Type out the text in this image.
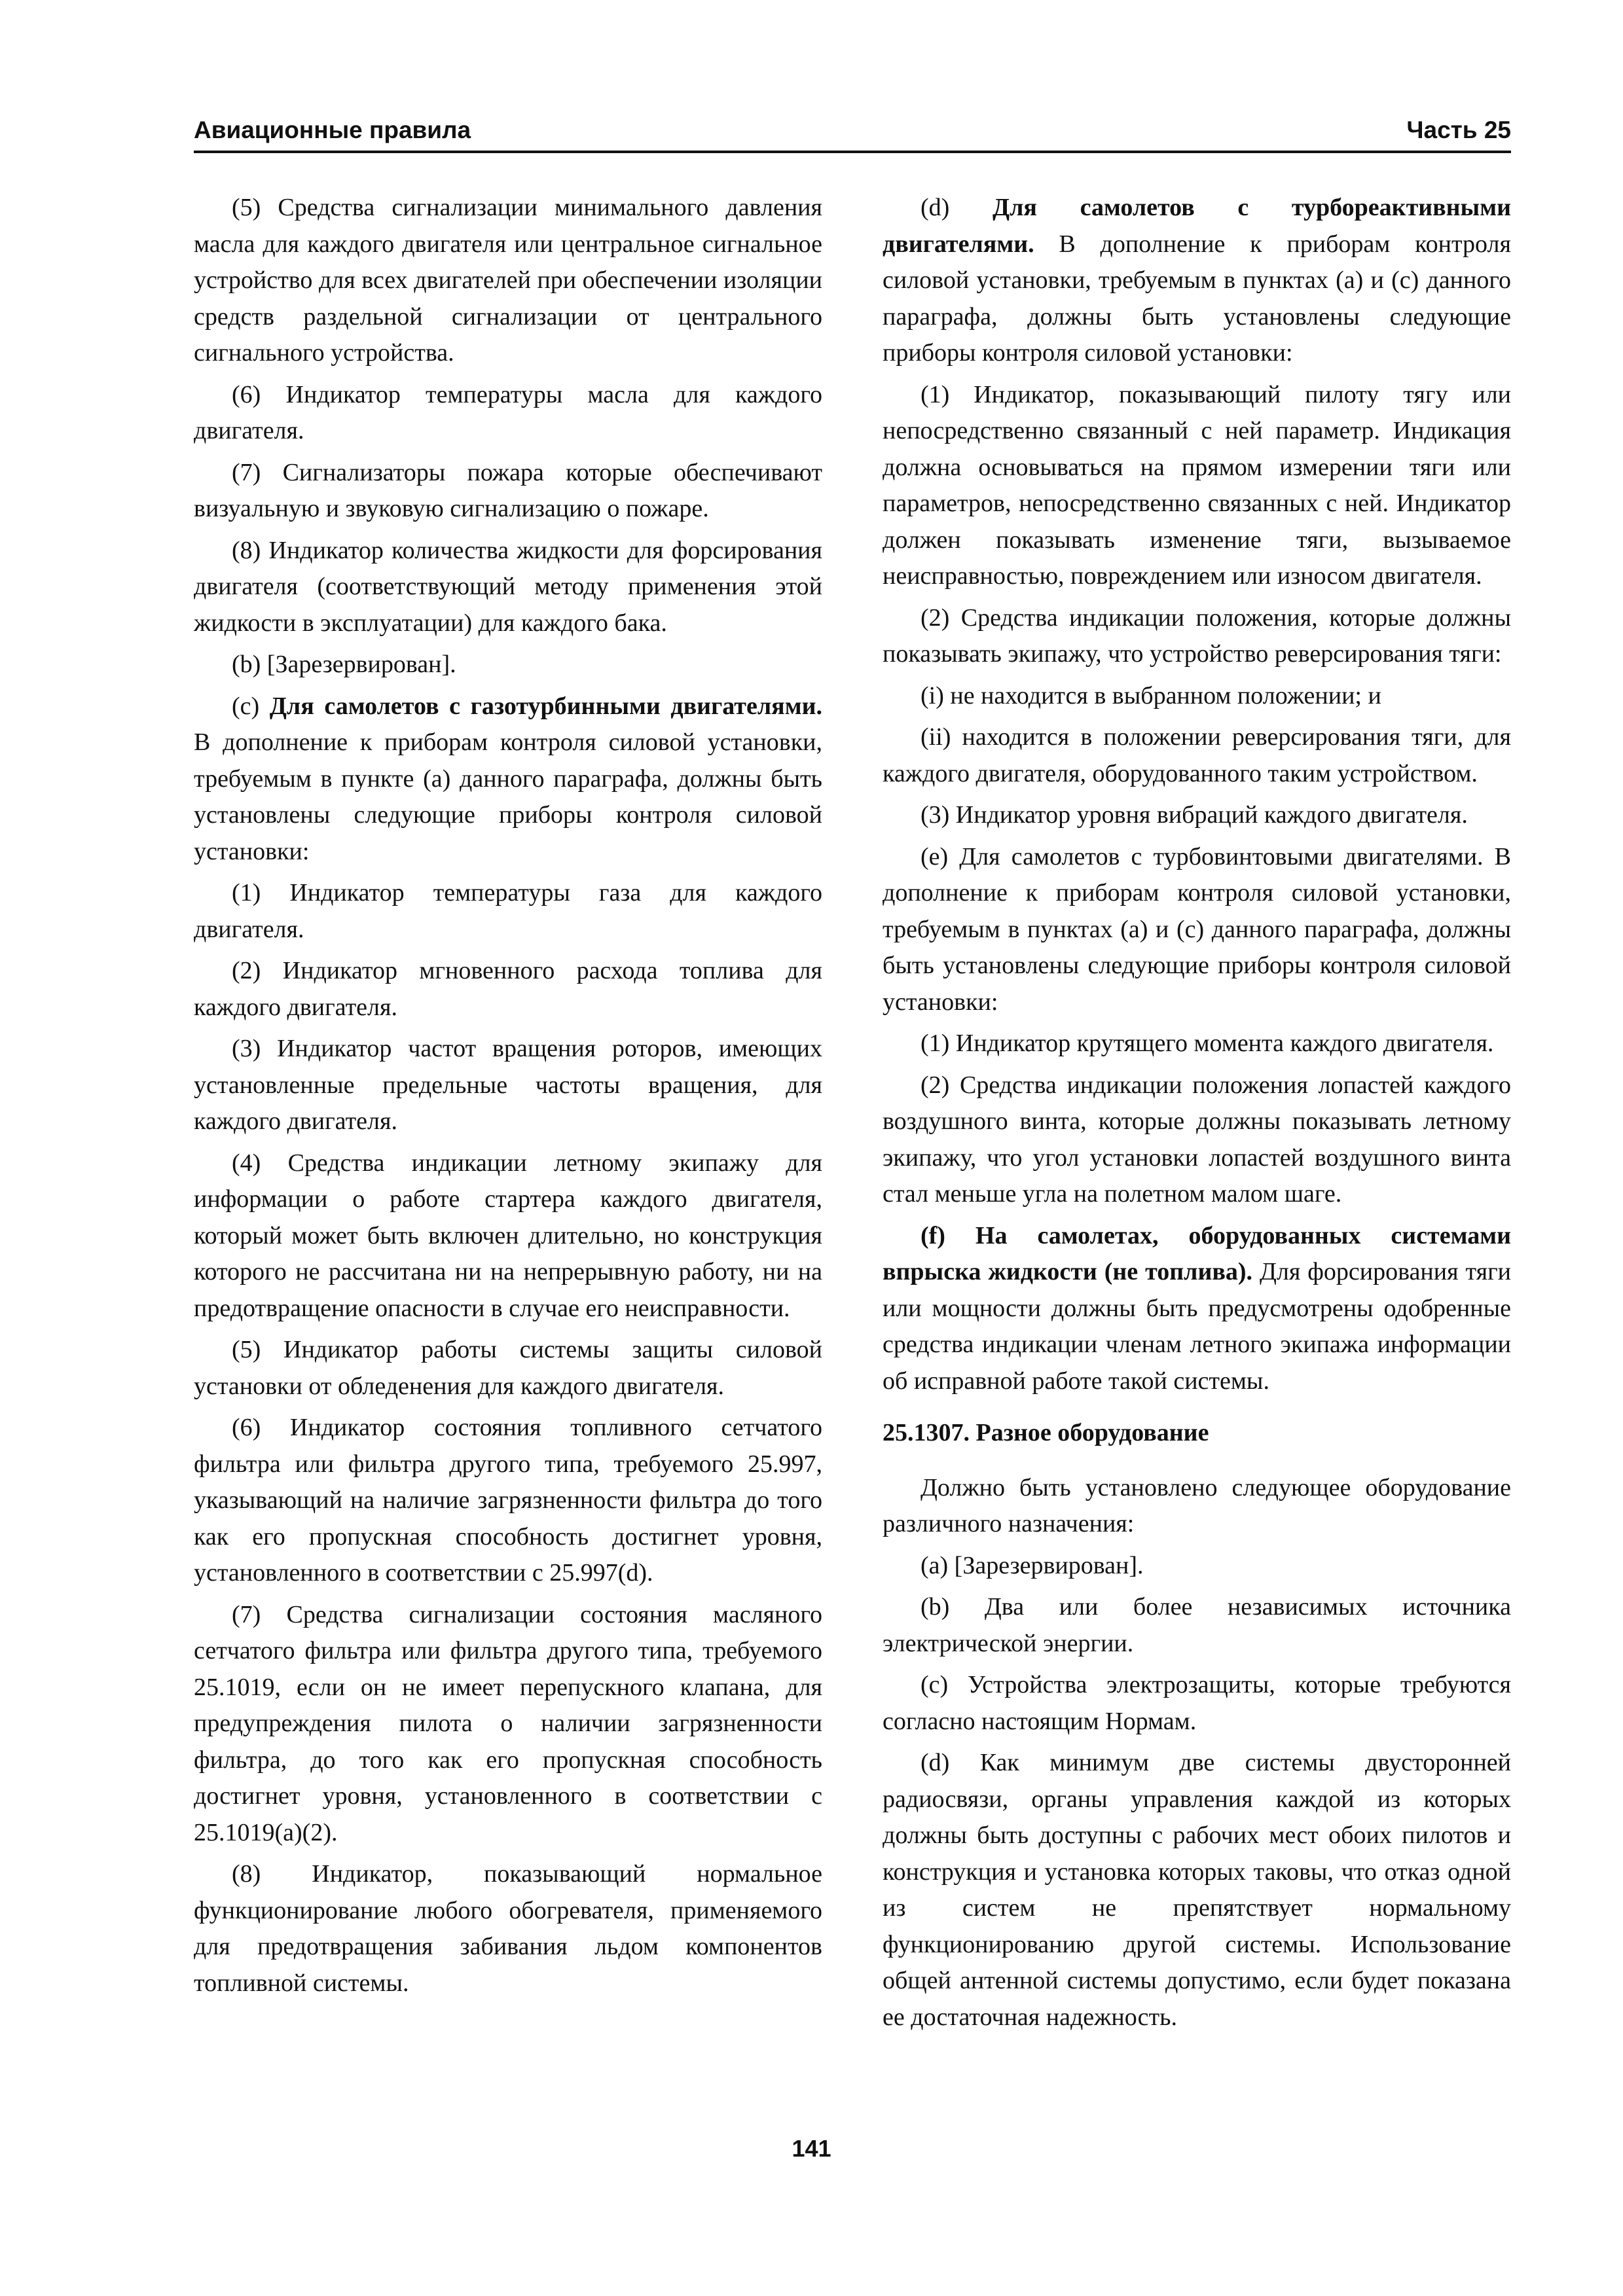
Авиационные правила	Часть 25

(5) Средства сигнализации минимального давления масла для каждого двигателя или центральное сигнальное устройство для всех двигателей при обеспечении изоляции средств раздельной сигнализации от центрального сигнального устройства.

(6) Индикатор температуры масла для каждого двигателя.

(7) Сигнализаторы пожара которые обеспечивают визуальную и звуковую сигнализацию о пожаре.

(8) Индикатор количества жидкости для форсирования двигателя (соответствующий методу применения этой жидкости в эксплуатации) для каждого бака.

(b) [Зарезервирован].

(c) Для самолетов с газотурбинными двигателями. В дополнение к приборам контроля силовой установки, требуемым в пункте (a) данного параграфа, должны быть установлены следующие приборы контроля силовой установки:

(1) Индикатор температуры газа для каждого двигателя.

(2) Индикатор мгновенного расхода топлива для каждого двигателя.

(3) Индикатор частот вращения роторов, имеющих установленные предельные частоты вращения, для каждого двигателя.

(4) Средства индикации летному экипажу для информации о работе стартера каждого двигателя, который может быть включен длительно, но конструкция которого не рассчитана ни на непрерывную работу, ни на предотвращение опасности в случае его неисправности.

(5) Индикатор работы системы защиты силовой установки от обледенения для каждого двигателя.

(6) Индикатор состояния топливного сетчатого фильтра или фильтра другого типа, требуемого 25.997, указывающий на наличие загрязненности фильтра до того как его пропускная способность достигнет уровня, установленного в соответствии с 25.997(d).

(7) Средства сигнализации состояния масляного сетчатого фильтра или фильтра другого типа, требуемого 25.1019, если он не имеет перепускного клапана, для предупреждения пилота о наличии загрязненности фильтра, до того как его пропускная способность достигнет уровня, установленного в соответствии с 25.1019(a)(2).

(8) Индикатор, показывающий нормальное функционирование любого обогревателя, применяемого для предотвращения забивания льдом компонентов топливной системы.

(d) Для самолетов с турбореактивными двигателями. В дополнение к приборам контроля силовой установки, требуемым в пунктах (a) и (c) данного параграфа, должны быть установлены следующие приборы контроля силовой установки:

(1) Индикатор, показывающий пилоту тягу или непосредственно связанный с ней параметр. Индикация должна основываться на прямом измерении тяги или параметров, непосредственно связанных с ней. Индикатор должен показывать изменение тяги, вызываемое неисправностью, повреждением или износом двигателя.

(2) Средства индикации положения, которые должны показывать экипажу, что устройство реверсирования тяги:

(i) не находится в выбранном положении; и

(ii) находится в положении реверсирования тяги, для каждого двигателя, оборудованного таким устройством.

(3) Индикатор уровня вибраций каждого двигателя.

(e) Для самолетов с турбовинтовыми двигателями. В дополнение к приборам контроля силовой установки, требуемым в пунктах (a) и (c) данного параграфа, должны быть установлены следующие приборы контроля силовой установки:

(1) Индикатор крутящего момента каждого двигателя.

(2) Средства индикации положения лопастей каждого воздушного винта, которые должны показывать летному экипажу, что угол установки лопастей воздушного винта стал меньше угла на полетном малом шаге.

(f) На самолетах, оборудованных системами впрыска жидкости (не топлива). Для форсирования тяги или мощности должны быть предусмотрены одобренные средства индикации членам летного экипажа информации об исправной работе такой системы.

25.1307. Разное оборудование

Должно быть установлено следующее оборудование различного назначения:

(a) [Зарезервирован].

(b) Два или более независимых источника электрической энергии.

(c) Устройства электрозащиты, которые требуются согласно настоящим Нормам.

(d) Как минимум две системы двусторонней радиосвязи, органы управления каждой из которых должны быть доступны с рабочих мест обоих пилотов и конструкция и установка которых таковы, что отказ одной из систем не препятствует нормальному функционированию другой системы. Использование общей антенной системы допустимо, если будет показана ее достаточная надежность.

141
